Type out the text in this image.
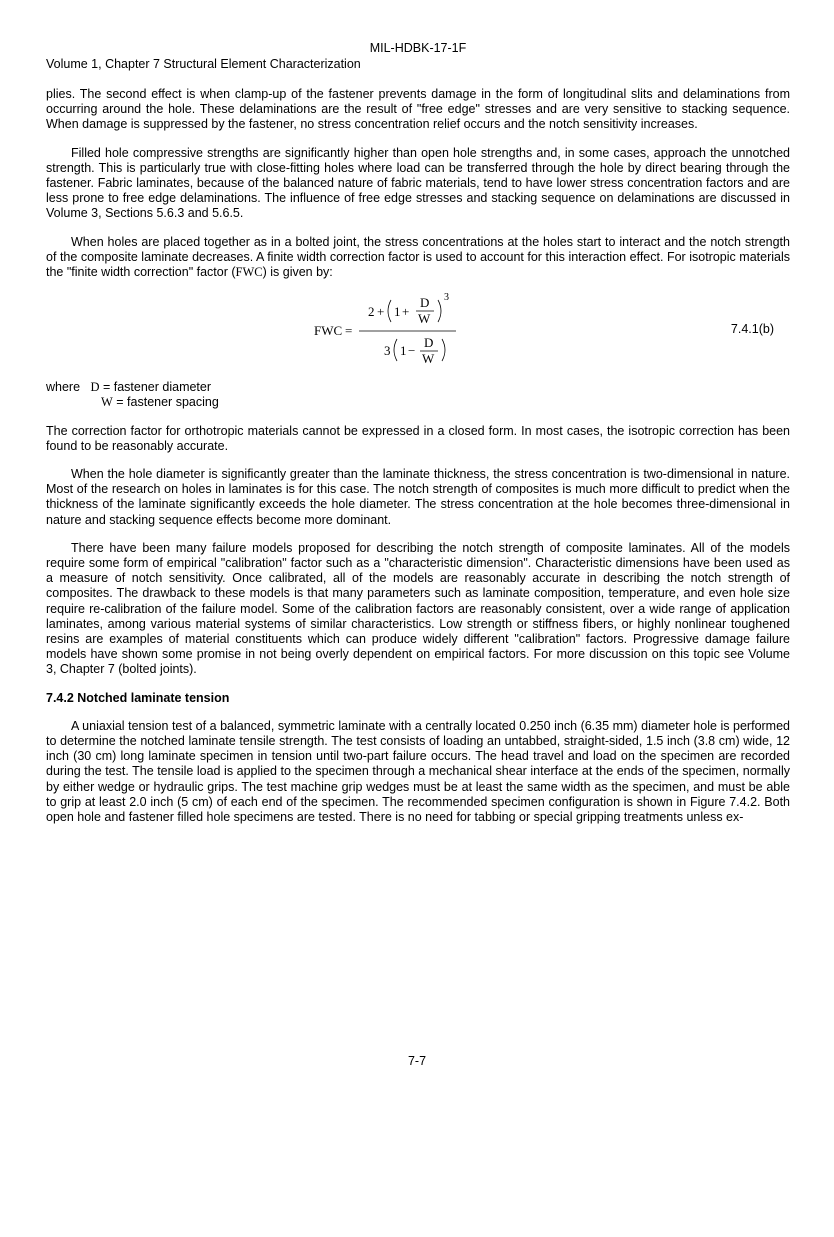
MIL-HDBK-17-1F
Volume 1, Chapter 7 Structural Element Characterization

plies. The second effect is when clamp-up of the fastener prevents damage in the form of longitudinal slits and delaminations from occurring around the hole. These delaminations are the result of "free edge" stresses and are very sensitive to stacking sequence. When damage is suppressed by the fastener, no stress concentration relief occurs and the notch sensitivity increases.

Filled hole compressive strengths are significantly higher than open hole strengths and, in some cases, approach the unnotched strength. This is particularly true with close-fitting holes where load can be transferred through the hole by direct bearing through the fastener. Fabric laminates, because of the balanced nature of fabric materials, tend to have lower stress concentration factors and are less prone to free edge delaminations. The influence of free edge stresses and stacking sequence on delaminations are discussed in Volume 3, Sections 5.6.3 and 5.6.5.

When holes are placed together as in a bolted joint, the stress concentrations at the holes start to interact and the notch strength of the composite laminate decreases. A finite width correction factor is used to account for this interaction effect. For isotropic materials the "finite width correction" factor (FWC) is given by:

FWC =
2 + 1 +
D
W
3
3 1 −
D
W
7.4.1(b)
where D = fastener diameter
W = fastener spacing

The correction factor for orthotropic materials cannot be expressed in a closed form. In most cases, the isotropic correction has been found to be reasonably accurate.

When the hole diameter is significantly greater than the laminate thickness, the stress concentration is two-dimensional in nature. Most of the research on holes in laminates is for this case. The notch strength of composites is much more difficult to predict when the thickness of the laminate significantly exceeds the hole diameter. The stress concentration at the hole becomes three-dimensional in nature and stacking sequence effects become more dominant.

There have been many failure models proposed for describing the notch strength of composite laminates. All of the models require some form of empirical "calibration" factor such as a "characteristic dimension". Characteristic dimensions have been used as a measure of notch sensitivity. Once calibrated, all of the models are reasonably accurate in describing the notch strength of composites. The drawback to these models is that many parameters such as laminate composition, temperature, and even hole size require re-calibration of the failure model. Some of the calibration factors are reasonably consistent, over a wide range of application laminates, among various material systems of similar characteristics. Low strength or stiffness fibers, or highly nonlinear toughened resins are examples of material constituents which can produce widely different "calibration" factors. Progressive damage failure models have shown some promise in not being overly dependent on empirical factors. For more discussion on this topic see Volume 3, Chapter 7 (bolted joints).

7.4.2 Notched laminate tension

A uniaxial tension test of a balanced, symmetric laminate with a centrally located 0.250 inch (6.35 mm) diameter hole is performed to determine the notched laminate tensile strength. The test consists of loading an untabbed, straight-sided, 1.5 inch (3.8 cm) wide, 12 inch (30 cm) long laminate specimen in tension until two-part failure occurs. The head travel and load on the specimen are recorded during the test. The tensile load is applied to the specimen through a mechanical shear interface at the ends of the specimen, normally by either wedge or hydraulic grips. The test machine grip wedges must be at least the same width as the specimen, and must be able to grip at least 2.0 inch (5 cm) of each end of the specimen. The recommended specimen configuration is shown in Figure 7.4.2. Both open hole and fastener filled hole specimens are tested. There is no need for tabbing or special gripping treatments unless ex-

7-7
